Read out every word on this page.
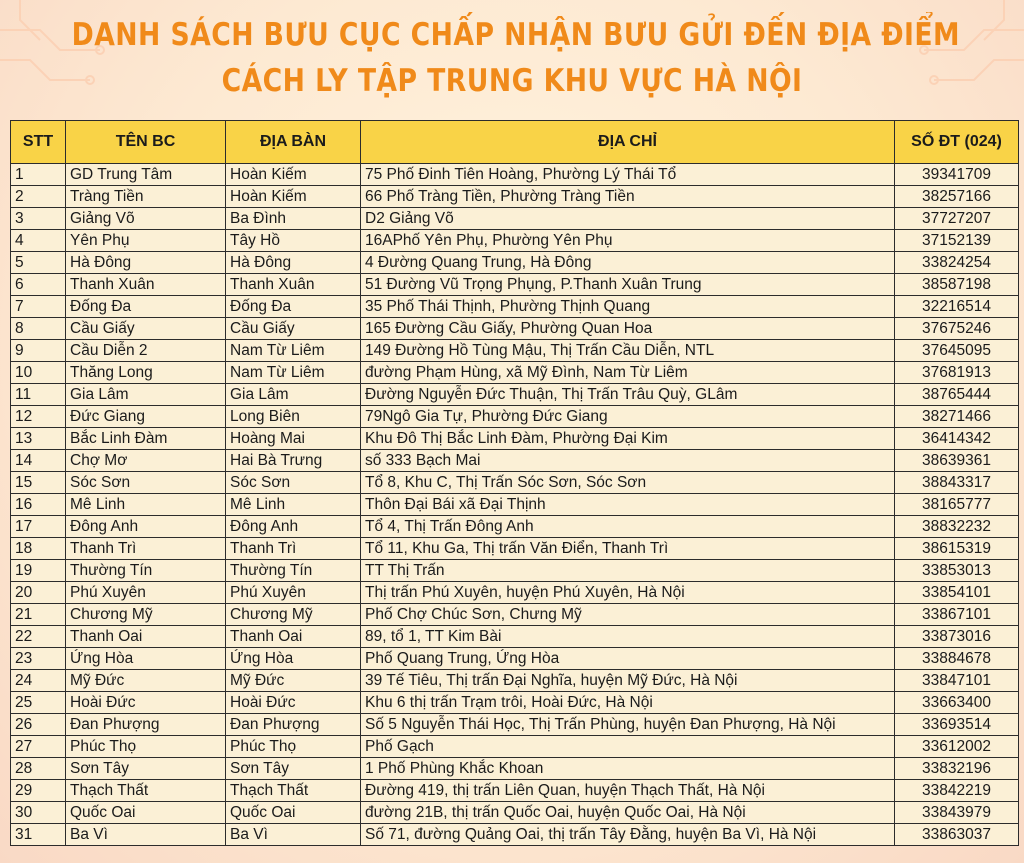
DANH SÁCH BƯU CỤC CHẤP NHẬN BƯU GỬI ĐẾN ĐỊA ĐIỂM
CÁCH LY TẬP TRUNG KHU VỰC HÀ NỘI
STT	TÊN BC	ĐỊA BÀN	ĐỊA CHỈ	SỐ ĐT (024)
1	GD Trung Tâm	Hoàn Kiếm	75 Phố Đinh Tiên Hoàng, Phường Lý Thái Tổ	39341709
2	Tràng Tiền	Hoàn Kiếm	66 Phố Tràng Tiền, Phường Tràng Tiền	38257166
3	Giảng Võ	Ba Đình	D2 Giảng Võ	37727207
4	Yên Phụ	Tây Hồ	16APhố Yên Phụ, Phường Yên Phụ	37152139
5	Hà Đông	Hà Đông	4 Đường Quang Trung, Hà Đông	33824254
6	Thanh Xuân	Thanh Xuân	51 Đường Vũ Trọng Phụng, P.Thanh Xuân Trung	38587198
7	Đống Đa	Đống Đa	35 Phố Thái Thịnh, Phường Thịnh Quang	32216514
8	Cầu Giấy	Cầu Giấy	165 Đường Cầu Giấy, Phường Quan Hoa	37675246
9	Cầu Diễn 2	Nam Từ Liêm	149 Đường Hồ Tùng Mậu, Thị Trấn Cầu Diễn, NTL	37645095
10	Thăng Long	Nam Từ Liêm	đường Phạm Hùng, xã Mỹ Đình, Nam Từ Liêm	37681913
11	Gia Lâm	Gia Lâm	Đường Nguyễn Đức Thuận, Thị Trấn Trâu Quỳ, GLâm	38765444
12	Đức Giang	Long Biên	79Ngô Gia Tự, Phường Đức Giang	38271466
13	Bắc Linh Đàm	Hoàng Mai	Khu Đô Thị Bắc Linh Đàm, Phường Đại Kim	36414342
14	Chợ Mơ	Hai Bà Trưng	số 333 Bạch Mai	38639361
15	Sóc Sơn	Sóc Sơn	Tổ 8, Khu C, Thị Trấn Sóc Sơn, Sóc Sơn	38843317
16	Mê Linh	Mê Linh	Thôn Đại Bái xã Đại Thịnh	38165777
17	Đông Anh	Đông Anh	Tổ 4, Thị Trấn Đông Anh	38832232
18	Thanh Trì	Thanh Trì	Tổ 11, Khu Ga, Thị trấn Văn Điển, Thanh Trì	38615319
19	Thường Tín	Thường Tín	TT Thị Trấn	33853013
20	Phú Xuyên	Phú Xuyên	Thị trấn Phú Xuyên, huyện Phú Xuyên, Hà Nội	33854101
21	Chương Mỹ	Chương Mỹ	Phố Chợ Chúc Sơn, Chưng Mỹ	33867101
22	Thanh Oai	Thanh Oai	89, tổ 1, TT Kim Bài	33873016
23	Ứng Hòa	Ứng Hòa	Phố Quang Trung, Ứng Hòa	33884678
24	Mỹ Đức	Mỹ Đức	39 Tế Tiêu, Thị trấn Đại Nghĩa, huyện Mỹ Đức, Hà Nội	33847101
25	Hoài Đức	Hoài Đức	Khu 6 thị trấn Trạm trôi, Hoài Đức, Hà Nội	33663400
26	Đan Phượng	Đan Phượng	Số 5 Nguyễn Thái Học, Thị Trấn Phùng, huyện Đan Phượng, Hà Nội	33693514
27	Phúc Thọ	Phúc Thọ	Phố Gạch	33612002
28	Sơn Tây	Sơn Tây	1 Phố Phùng Khắc Khoan	33832196
29	Thạch Thất	Thạch Thất	Đường 419, thị trấn Liên Quan, huyện Thạch Thất, Hà Nội	33842219
30	Quốc Oai	Quốc Oai	đường 21B, thị trấn Quốc Oai, huyện Quốc Oai, Hà Nội	33843979
31	Ba Vì	Ba Vì	Số 71, đường Quảng Oai, thị trấn Tây Đằng, huyện Ba Vì, Hà Nội	33863037
